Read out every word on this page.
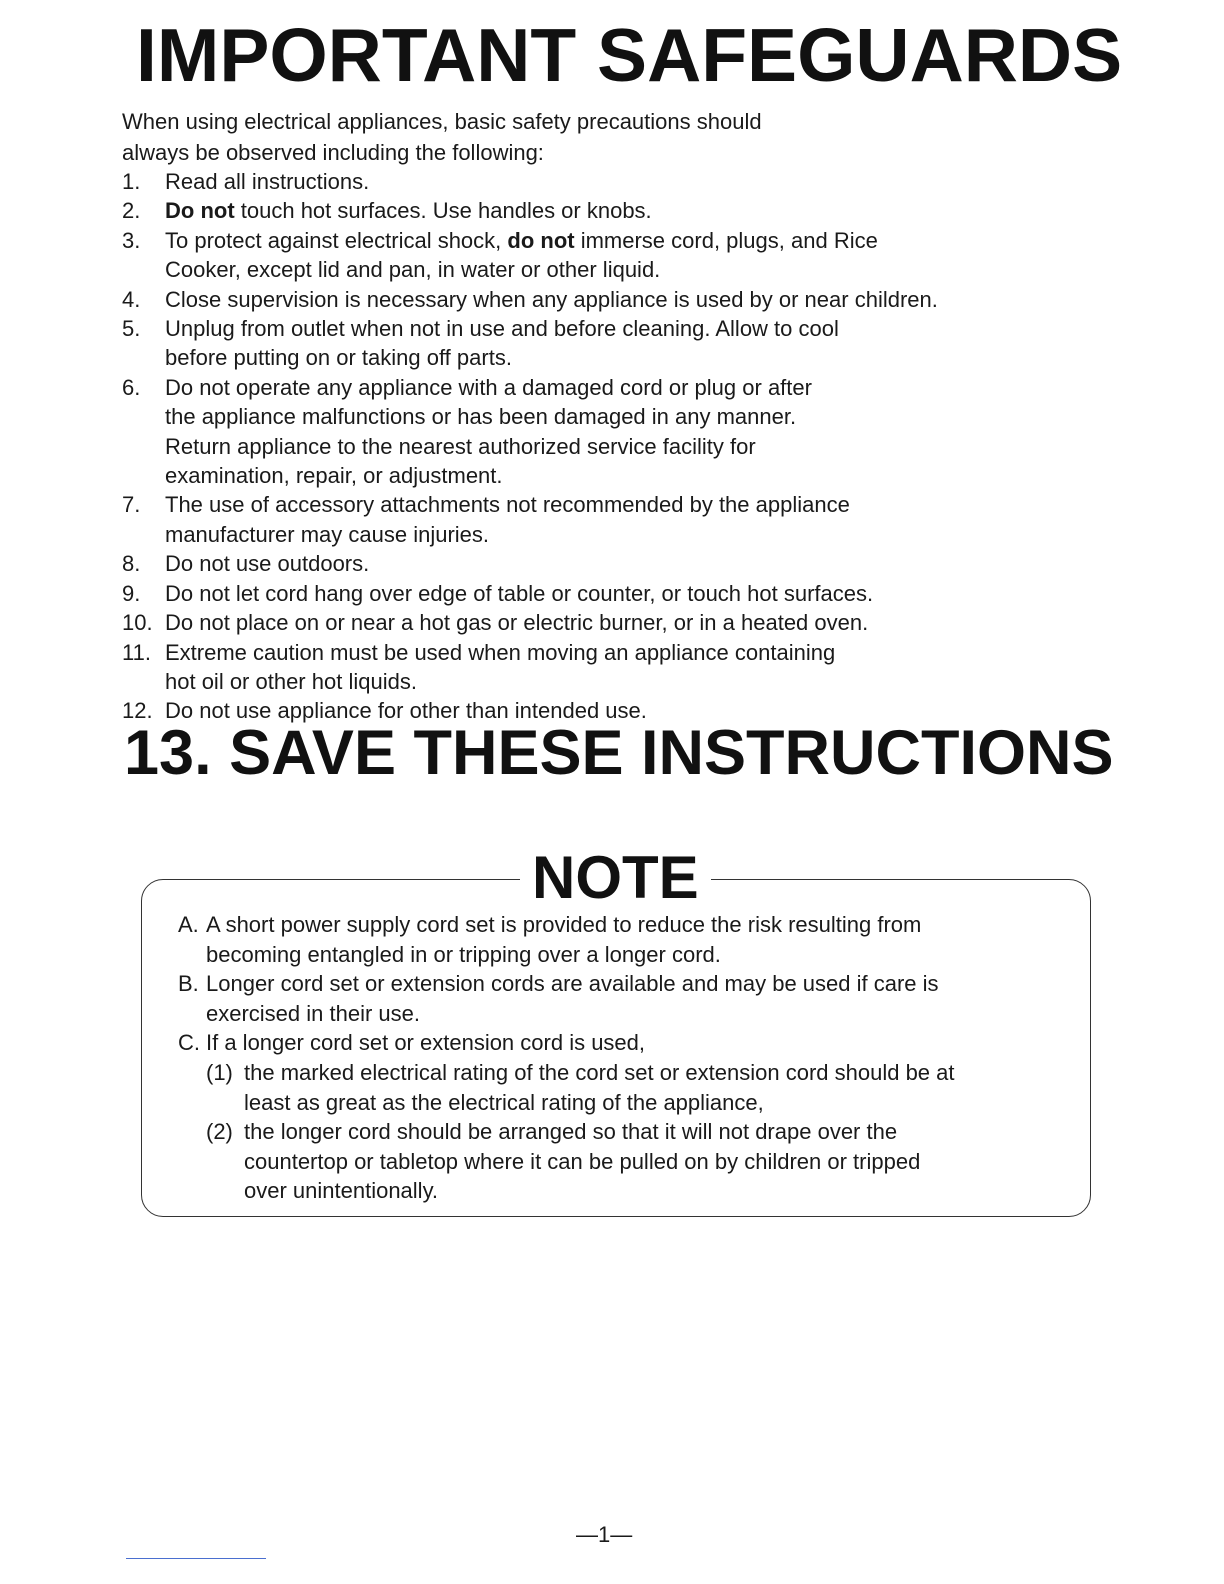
IMPORTANT SAFEGUARDS
When using electrical appliances, basic safety precautions should
always be observed including the following:
1.	Read all instructions.
2.	Do not touch hot surfaces. Use handles or knobs.
3.	To protect against electrical shock, do not immerse cord, plugs, and Rice
Cooker, except lid and pan, in water or other liquid.
4.	Close supervision is necessary when any appliance is used by or near children.
5.	Unplug from outlet when not in use and before cleaning. Allow to cool
before putting on or taking off parts.
6.	Do not operate any appliance with a damaged cord or plug or after
the appliance malfunctions or has been damaged in any manner.
Return appliance to the nearest authorized service facility for
examination, repair, or adjustment.
7.	The use of accessory attachments not recommended by the appliance
manufacturer may cause injuries.
8.	Do not use outdoors.
9.	Do not let cord hang over edge of table or counter, or touch hot surfaces.
10. Do not place on or near a hot gas or electric burner, or in a heated oven.
11. Extreme caution must be used when moving an appliance containing
hot oil or other hot liquids.
12. Do not use appliance for other than intended use.
13. SAVE THESE INSTRUCTIONS
NOTE
A. A short power supply cord set is provided to reduce the risk resulting from
becoming entangled in or tripping over a longer cord.
B. Longer cord set or extension cords are available and may be used if care is
exercised in their use.
C. If a longer cord set or extension cord is used,
(1) the marked electrical rating of the cord set or extension cord should be at
least as great as the electrical rating of the appliance,
(2) the longer cord should be arranged so that it will not drape over the
countertop or tabletop where it can be pulled on by children or tripped
over unintentionally.
—1—
